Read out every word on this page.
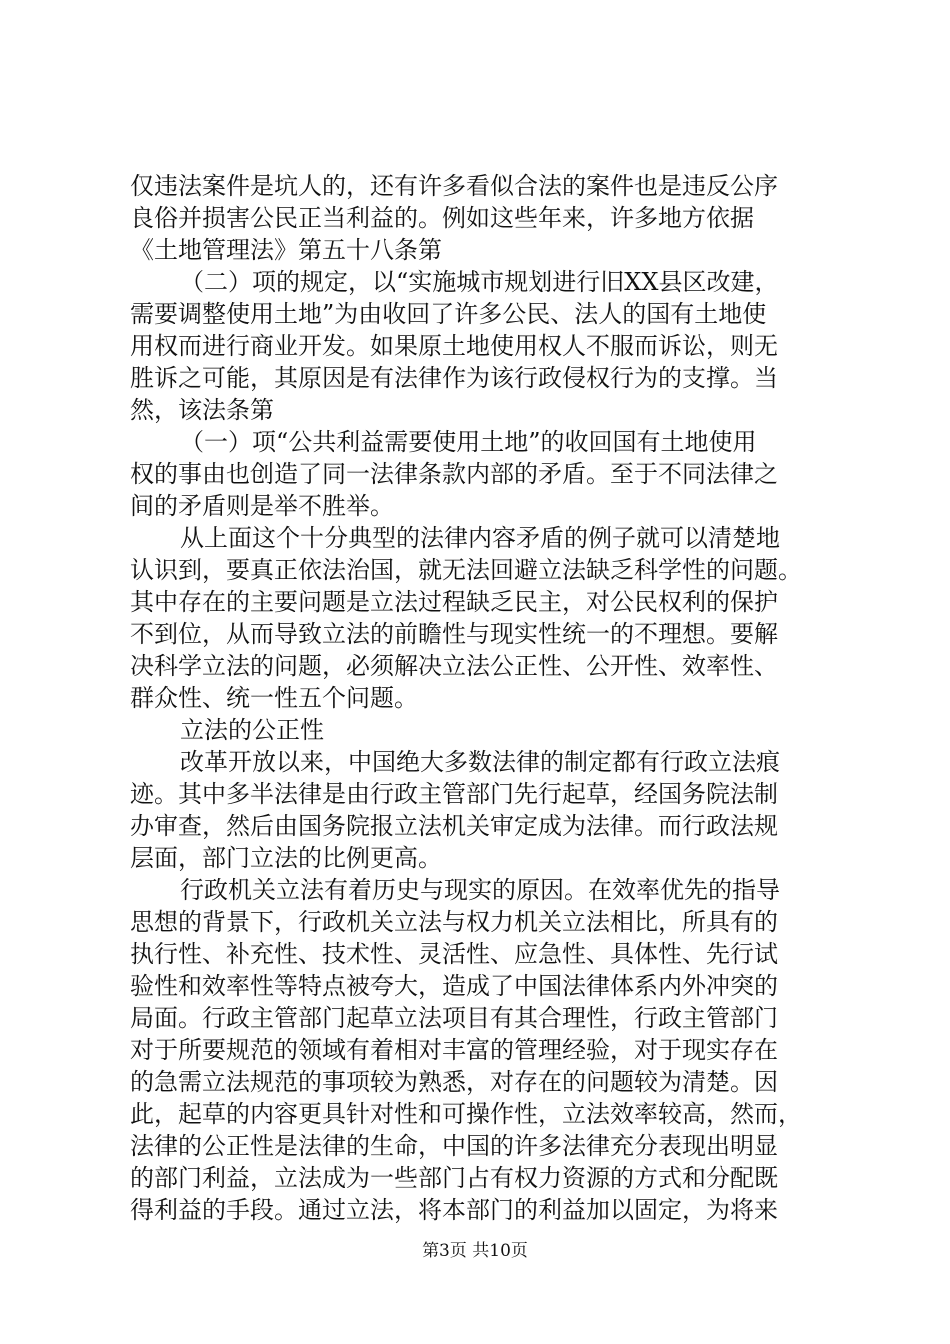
仅违法案件是坑人的，还有许多看似合法的案件也是违反公序
良俗并损害公民正当利益的。例如这些年来，许多地方依据
《土地管理法》第五十八条第
（二）项的规定，以“实施城市规划进行旧XX县区改建，
需要调整使用土地”为由收回了许多公民、法人的国有土地使
用权而进行商业开发。如果原土地使用权人不服而诉讼，则无
胜诉之可能，其原因是有法律作为该行政侵权行为的支撑。当
然，该法条第
（一）项“公共利益需要使用土地”的收回国有土地使用
权的事由也创造了同一法律条款内部的矛盾。至于不同法律之
间的矛盾则是举不胜举。
从上面这个十分典型的法律内容矛盾的例子就可以清楚地
认识到，要真正依法治国，就无法回避立法缺乏科学性的问题。
其中存在的主要问题是立法过程缺乏民主，对公民权利的保护
不到位，从而导致立法的前瞻性与现实性统一的不理想。要解
决科学立法的问题，必须解决立法公正性、公开性、效率性、
群众性、统一性五个问题。
立法的公正性
改革开放以来，中国绝大多数法律的制定都有行政立法痕
迹。其中多半法律是由行政主管部门先行起草，经国务院法制
办审查，然后由国务院报立法机关审定成为法律。而行政法规
层面，部门立法的比例更高。
行政机关立法有着历史与现实的原因。在效率优先的指导
思想的背景下，行政机关立法与权力机关立法相比，所具有的
执行性、补充性、技术性、灵活性、应急性、具体性、先行试
验性和效率性等特点被夸大，造成了中国法律体系内外冲突的
局面。行政主管部门起草立法项目有其合理性，行政主管部门
对于所要规范的领域有着相对丰富的管理经验，对于现实存在
的急需立法规范的事项较为熟悉，对存在的问题较为清楚。因
此，起草的内容更具针对性和可操作性，立法效率较高，然而，
法律的公正性是法律的生命，中国的许多法律充分表现出明显
的部门利益，立法成为一些部门占有权力资源的方式和分配既
得利益的手段。通过立法，将本部门的利益加以固定，为将来
第3页 共10页
